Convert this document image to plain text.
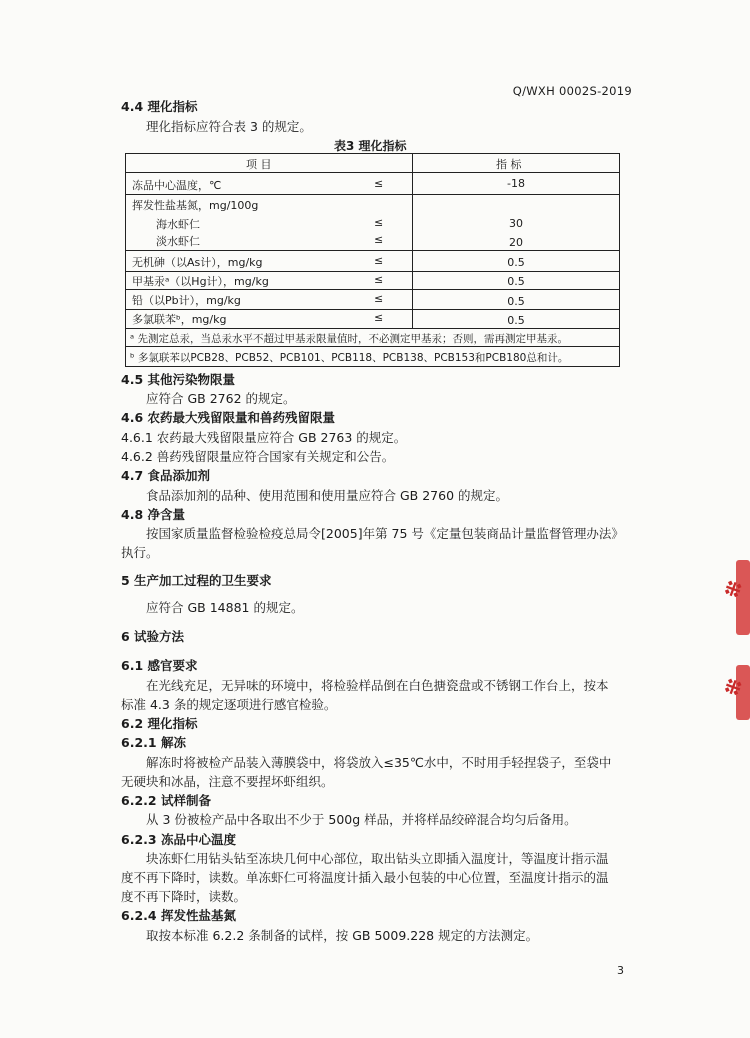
Q/WXH 0002S-2019
4.4 理化指标
理化指标应符合表 3 的规定。
表3 理化指标
项 目	指 标
冻品中心温度，℃	≤	-18
挥发性盐基氮，mg/100g
海水虾仁	≤	30
淡水虾仁	≤	20
无机砷（以As计），mg/kg	≤	0.5
甲基汞ᵃ（以Hg计），mg/kg	≤	0.5
铅（以Pb计），mg/kg	≤	0.5
多氯联苯ᵇ，mg/kg	≤	0.5
ᵃ 先测定总汞，当总汞水平不超过甲基汞限量值时，不必测定甲基汞；否则，需再测定甲基汞。
ᵇ 多氯联苯以PCB28、PCB52、PCB101、PCB118、PCB138、PCB153和PCB180总和计。
4.5 其他污染物限量
应符合 GB 2762 的规定。
4.6 农药最大残留限量和兽药残留限量
4.6.1 农药最大残留限量应符合 GB 2763 的规定。
4.6.2 兽药残留限量应符合国家有关规定和公告。
4.7 食品添加剂
食品添加剂的品种、使用范围和使用量应符合 GB 2760 的规定。
4.8 净含量
按国家质量监督检验检疫总局令[2005]年第 75 号《定量包装商品计量监督管理办法》
执行。
5 生产加工过程的卫生要求
应符合 GB 14881 的规定。
6 试验方法
6.1 感官要求
在光线充足，无异味的环境中，将检验样品倒在白色搪瓷盘或不锈钢工作台上，按本
标准 4.3 条的规定逐项进行感官检验。
6.2 理化指标
6.2.1 解冻
解冻时将被检产品装入薄膜袋中，将袋放入≤35℃水中，不时用手轻捏袋子，至袋中
无硬块和冰晶，注意不要捏坏虾组织。
6.2.2 试样制备
从 3 份被检产品中各取出不少于 500g 样品，并将样品绞碎混合均匀后备用。
6.2.3 冻品中心温度
块冻虾仁用钻头钻至冻块几何中心部位，取出钻头立即插入温度计，等温度计指示温
度不再下降时，读数。单冻虾仁可将温度计插入最小包装的中心位置，至温度计指示的温
度不再下降时，读数。
6.2.4 挥发性盐基氮
取按本标准 6.2.2 条制备的试样，按 GB 5009.228 规定的方法测定。
3
※
※
